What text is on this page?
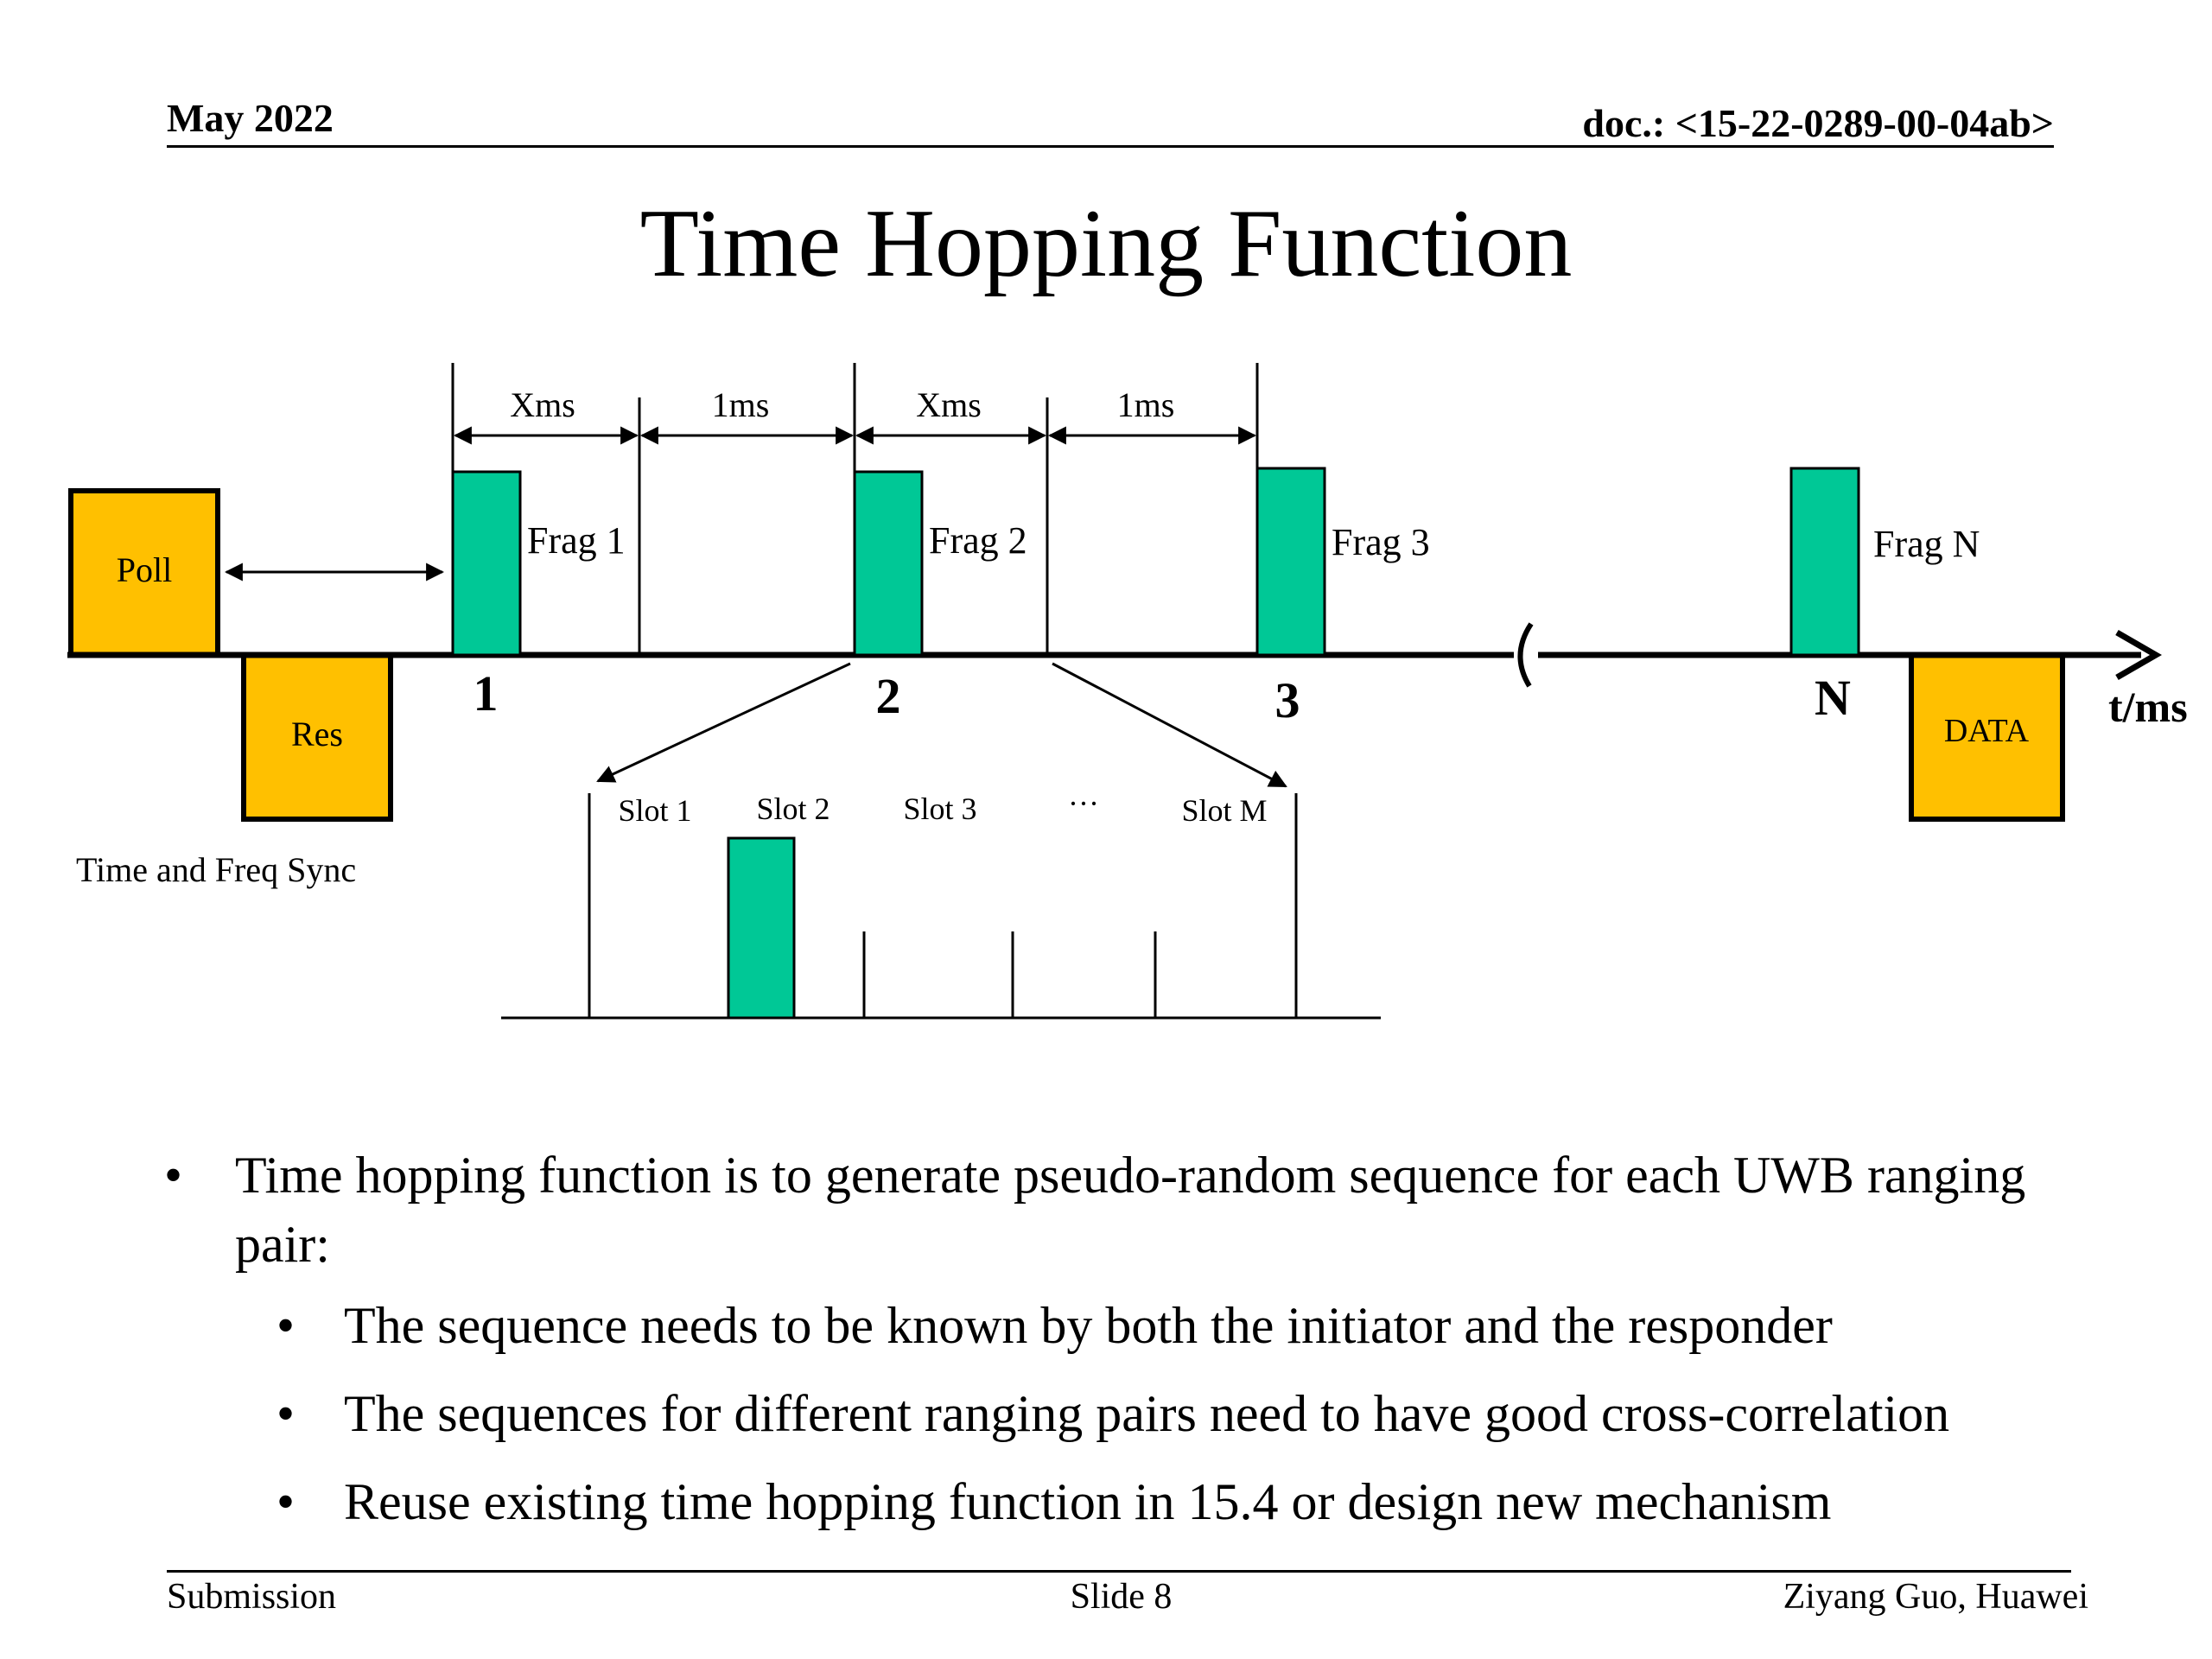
May 2022	doc.: <15-22-0289-00-04ab>
Time Hopping Function
Poll
Res	DATA
Time and Freq Sync
t/ms
Frag 1	Frag 2	Frag 3	Frag N
1	2	3	N
Xms	1ms	Xms	1ms
Slot 1 Slot 2 Slot 3	···	Slot M
• Time hopping function is to generate pseudo-random sequence for each UWB ranging pair:
• The sequence needs to be known by both the initiator and the responder
• The sequences for different ranging pairs need to have good cross-correlation
• Reuse existing time hopping function in 15.4 or design new mechanism
Submission	Slide 8	Ziyang Guo, Huawei
